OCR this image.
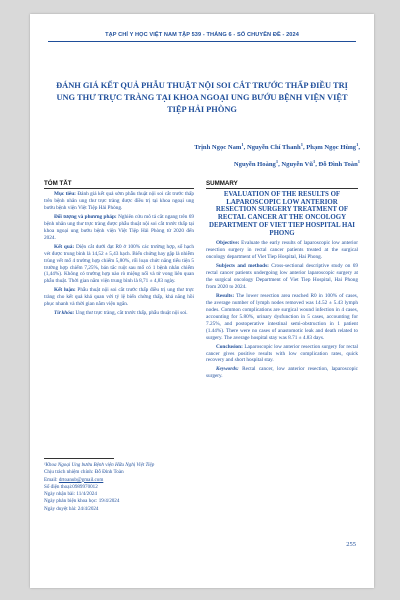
TẠP CHÍ Y HỌC VIỆT NAM TẬP 539 - THÁNG 6 - SỐ CHUYÊN ĐỀ - 2024
ĐÁNH GIÁ KẾT QUẢ PHẪU THUẬT NỘI SOI CẮT TRƯỚC THẤP ĐIỀU TRỊ UNG THƯ TRỰC TRÀNG TẠI KHOA NGOẠI UNG BƯỚU BỆNH VIỆN VIỆT TIỆP HẢI PHÒNG
Trịnh Ngọc Nam$^1$, Nguyễn Chí Thanh$^1$, Phạm Ngọc Hùng$^1$,
Nguyễn Hoàng$^1$, Nguyễn $Vũ^1$, Đỗ Đình Toàn$^1$
TÓM TẮT

Mục tiêu: Đánh giá kết quả sớm phẫu thuật nội soi cắt trước thấp trên bệnh nhân ung thư trực tràng được điều trị tại khoa ngoại ung bướu bệnh viện Việt Tiệp Hải Phòng.

Đối tượng và phương pháp: Nghiên cứu mô tả cắt ngang trên 69 bệnh nhân ung thư trực tràng được phẫu thuật nội soi cắt trước thấp tại khoa ngoại ung bướu bệnh viện Việt Tiệp Hải Phòng từ 2020 đến 2024.

Kết quả: Diện cắt dưới đạt R0 ở 100% các trường hợp, số hạch vét được trung bình là 14,52 ± 5,43 hạch. Biến chứng hay gặp là nhiễm trùng vết mổ 4 trường hợp chiếm 5,80%, rối loạn chức năng tiểu tiện 5 trường hợp chiếm 7,25%, bán tắc ruột sau mổ có 1 bệnh nhân chiếm (1,44%). Không có trường hợp nào rò miệng nối và tử vong liên quan phẫu thuật. Thời gian nằm viện trung bình là 8,71 ± 4,83 ngày.

Kết luận: Phẫu thuật nội soi cắt trước thấp điều trị ung thư trực tràng cho kết quả khả quan với tỷ lệ biến chứng thấp, khả năng hồi phục nhanh và thời gian nằm viện ngắn.

Từ khóa: Ung thư trực tràng, cắt trước thấp, phẫu thuật nội soi.

¹Khoa Ngoại Ung bướu Bệnh viện Hữu Nghị Việt Tiệp
Chịu trách nhiệm chính: Đỗ Đình Toàn
Email: drtoanub@gmail.com
Số điện thoại:0989970012
Ngày nhận bài: 11/4/2024
Ngày phản biện khoa học: 19/4/2024
Ngày duyệt bài: 24/4/2024
SUMMARY
EVALUATION OF THE RESULTS OF LAPAROSCOPIC LOW ANTERIOR RESECTION SURGERY TREATMENT OF RECTAL CANCER AT THE ONCOLOGY DEPARTMENT OF VIET TIEP HOSPITAL HAI PHONG

Objective: Evaluate the early results of laparoscopic low anterior resection surgery in rectal cancer patients treated at the surgical oncology department of Viet Tiep Hospital, Hai Phong.

Subjects and methods: Cross-sectional descriptive study on 69 rectal cancer patients undergoing low anterior laparoscopic surgery at the surgical oncology Department of Viet Tiep Hospital, Hai Phong from 2020 to 2024.

Results: The lower resection area reached R0 in 100% of cases, the average number of lymph nodes removed was 14.52 ± 5.43 lymph nodes. Common complications are surgical wound infection in 4 cases, accounting for 5.80%, urinary dysfunction in 5 cases, accounting for 7.25%, and postoperative intestinal semi-obstruction in 1 patient (1.44%). There were no cases of anastomotic leak and death related to surgery. The average hospital stay was 8.71 ± 4.83 days.

Conclusion: Laparoscopic low anterior resection surgery for rectal cancer gives positive results with low complication rates, quick recovery and short hospital stay.

Keywords: Rectal cancer, low anterior resection, laparoscopic surgery.

255
